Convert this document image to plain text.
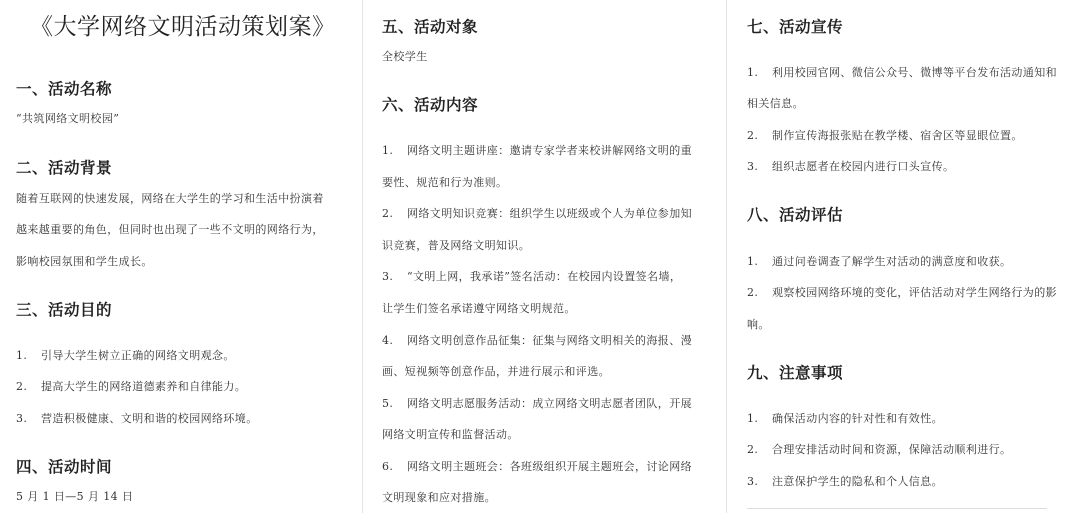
《大学网络文明活动策划案》
一、活动名称
“共筑网络文明校园”
二、活动背景
随着互联网的快速发展，网络在大学生的学习和生活中扮演着
越来越重要的角色，但同时也出现了一些不文明的网络行为，
影响校园氛围和学生成长。
三、活动目的
1. 引导大学生树立正确的网络文明观念。
2. 提高大学生的网络道德素养和自律能力。
3. 营造积极健康、文明和谐的校园网络环境。
四、活动时间
5 月 1 日—5 月 14 日
五、活动对象
全校学生
六、活动内容
1. 网络文明主题讲座：邀请专家学者来校讲解网络文明的重
要性、规范和行为准则。
2. 网络文明知识竞赛：组织学生以班级或个人为单位参加知
识竞赛，普及网络文明知识。
3. “文明上网，我承诺”签名活动：在校园内设置签名墙，
让学生们签名承诺遵守网络文明规范。
4. 网络文明创意作品征集：征集与网络文明相关的海报、漫
画、短视频等创意作品，并进行展示和评选。
5. 网络文明志愿服务活动：成立网络文明志愿者团队，开展
网络文明宣传和监督活动。
6. 网络文明主题班会：各班级组织开展主题班会，讨论网络
文明现象和应对措施。
七、活动宣传
1. 利用校园官网、微信公众号、微博等平台发布活动通知和
相关信息。
2. 制作宣传海报张贴在教学楼、宿舍区等显眼位置。
3. 组织志愿者在校园内进行口头宣传。
八、活动评估
1. 通过问卷调查了解学生对活动的满意度和收获。
2. 观察校园网络环境的变化，评估活动对学生网络行为的影
响。
九、注意事项
1. 确保活动内容的针对性和有效性。
2. 合理安排活动时间和资源，保障活动顺利进行。
3. 注意保护学生的隐私和个人信息。
